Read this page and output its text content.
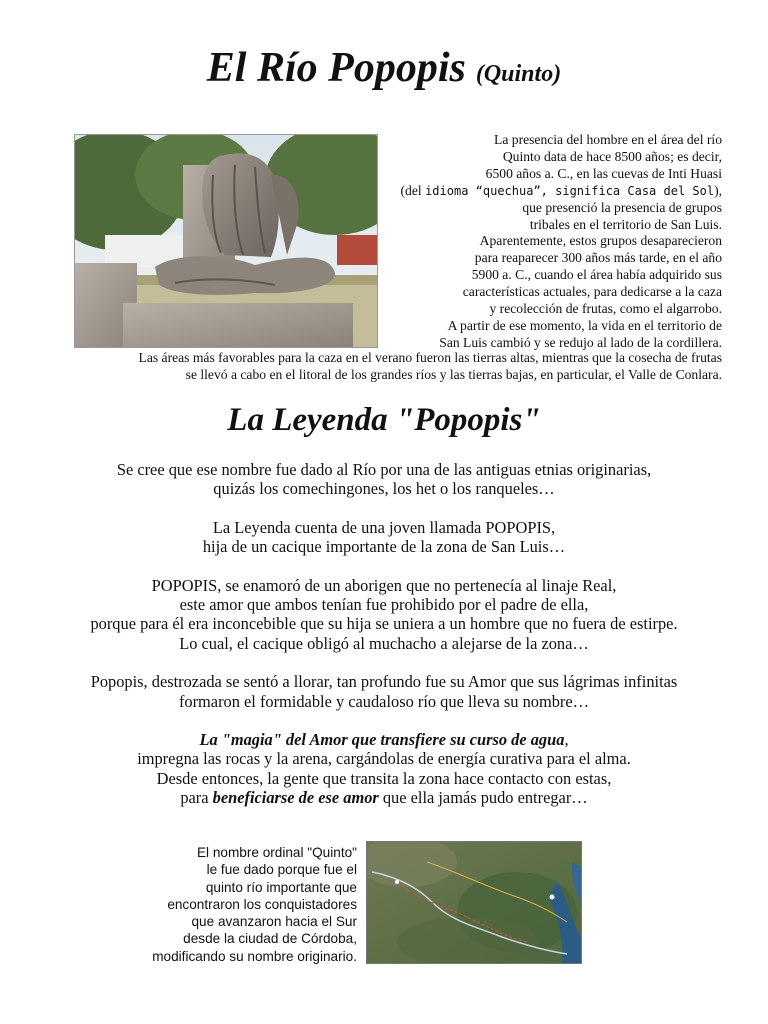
El Río Popopis (Quinto)
La presencia del hombre en el área del río
Quinto data de hace 8500 años; es decir,
6500 años a. C., en las cuevas de Inti Huasi
(del idioma “quechua”, significa Casa del Sol),
que presenció la presencia de grupos
tribales en el territorio de San Luis.
Aparentemente, estos grupos desaparecieron
para reaparecer 300 años más tarde, en el año
5900 a. C., cuando el área había adquirido sus
características actuales, para dedicarse a la caza
y recolección de frutas, como el algarrobo.
A partir de ese momento, la vida en el territorio de
San Luis cambió y se redujo al lado de la cordillera.
Las áreas más favorables para la caza en el verano fueron las tierras altas, mientras que la cosecha de frutas
se llevó a cabo en el litoral de los grandes ríos y las tierras bajas, en particular, el Valle de Conlara.
La Leyenda "Popopis"

Se cree que ese nombre fue dado al Río por una de las antiguas etnias originarias,
quizás los comechingones, los het o los ranqueles…

La Leyenda cuenta de una joven llamada POPOPIS,
hija de un cacique importante de la zona de San Luis…

POPOPIS, se enamoró de un aborigen que no pertenecía al linaje Real,
este amor que ambos tenían fue prohibido por el padre de ella,
porque para él era inconcebible que su hija se uniera a un hombre que no fuera de estirpe.
Lo cual, el cacique obligó al muchacho a alejarse de la zona…

Popopis, destrozada se sentó a llorar, tan profundo fue su Amor que sus lágrimas infinitas
formaron el formidable y caudaloso río que lleva su nombre…

La "magia" del Amor que transfiere su curso de agua,
impregna las rocas y la arena, cargándolas de energía curativa para el alma.
Desde entonces, la gente que transita la zona hace contacto con estas,
para beneficiarse de ese amor que ella jamás pudo entregar…

El nombre ordinal "Quinto"
le fue dado porque fue el
quinto río importante que
encontraron los conquistadores
que avanzaron hacia el Sur
desde la ciudad de Córdoba,
modificando su nombre originario.
